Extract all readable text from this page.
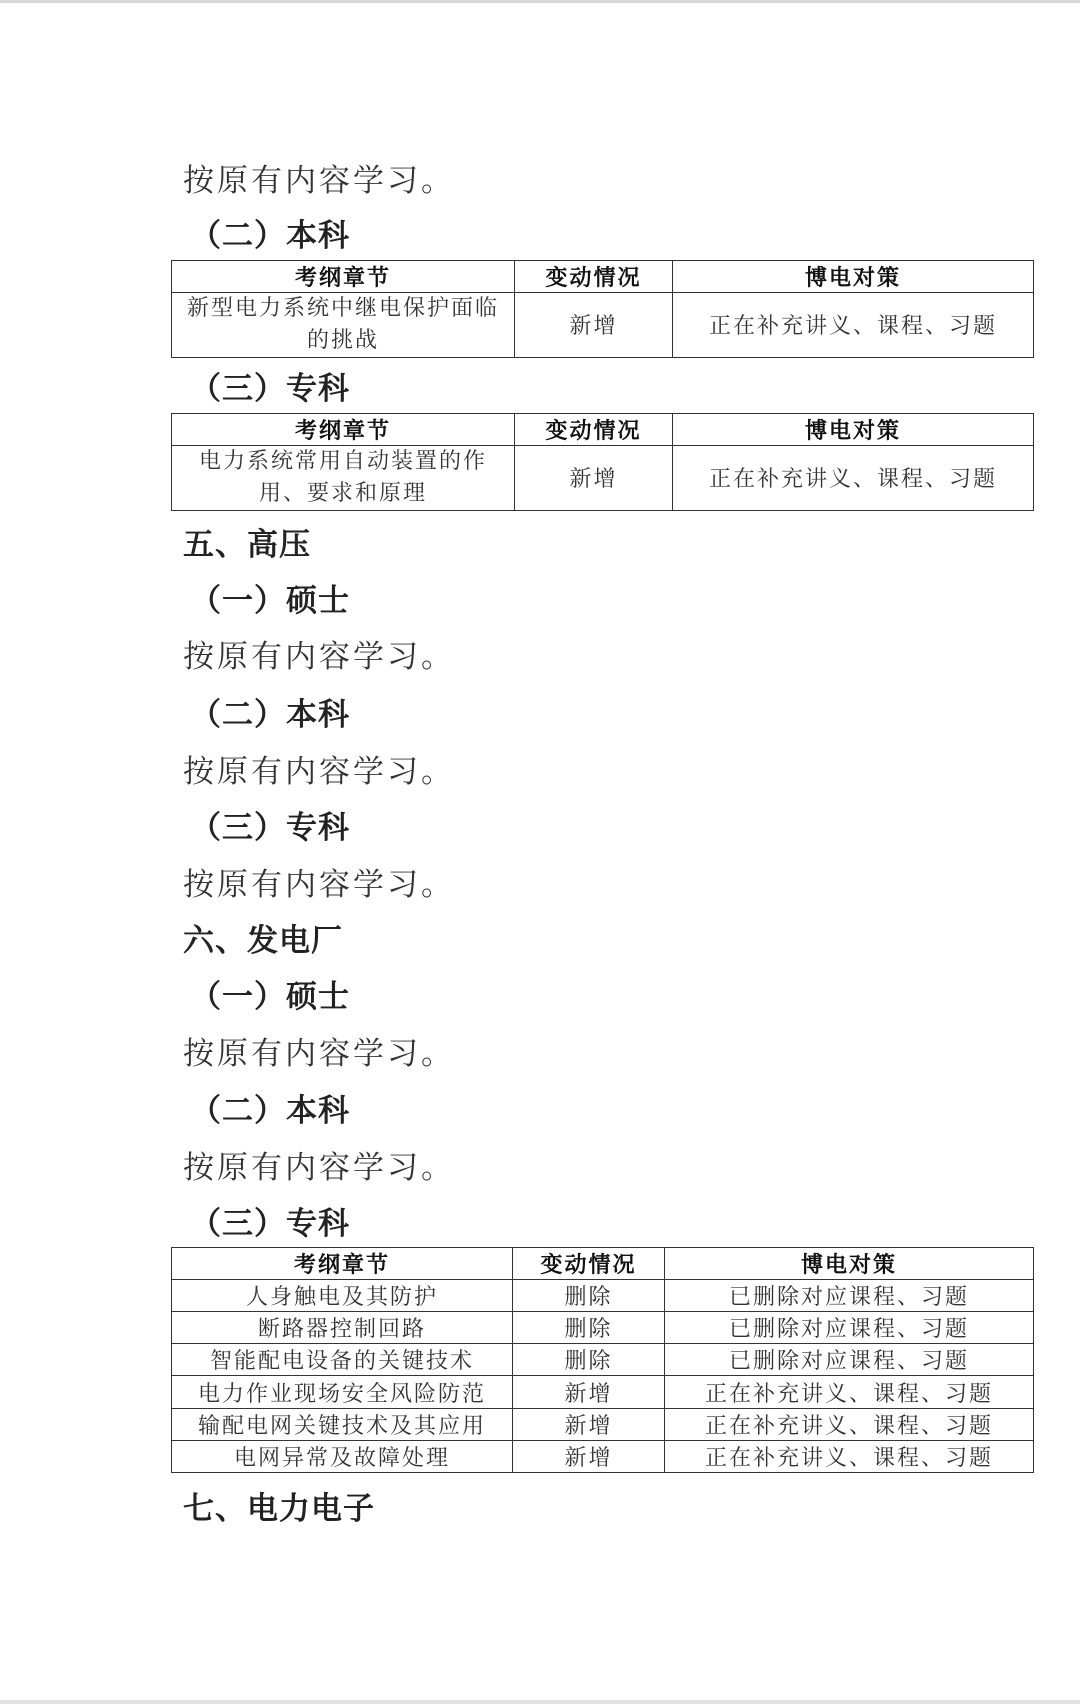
按原有内容学习。

（二）本科

考纲章节	变动情况	博电对策
新型电力系统中继电保护面临
的挑战	新增	正在补充讲义、课程、习题

（三）专科

考纲章节	变动情况	博电对策
电力系统常用自动装置的作
用、要求和原理	新增	正在补充讲义、课程、习题

五、高压

（一）硕士

按原有内容学习。

（二）本科

按原有内容学习。

（三）专科

按原有内容学习。

六、发电厂

（一）硕士

按原有内容学习。

（二）本科

按原有内容学习。

（三）专科

考纲章节	变动情况	博电对策
人身触电及其防护	删除	已删除对应课程、习题
断路器控制回路	删除	已删除对应课程、习题
智能配电设备的关键技术	删除	已删除对应课程、习题
电力作业现场安全风险防范	新增	正在补充讲义、课程、习题
输配电网关键技术及其应用	新增	正在补充讲义、课程、习题
电网异常及故障处理	新增	正在补充讲义、课程、习题

七、电力电子
